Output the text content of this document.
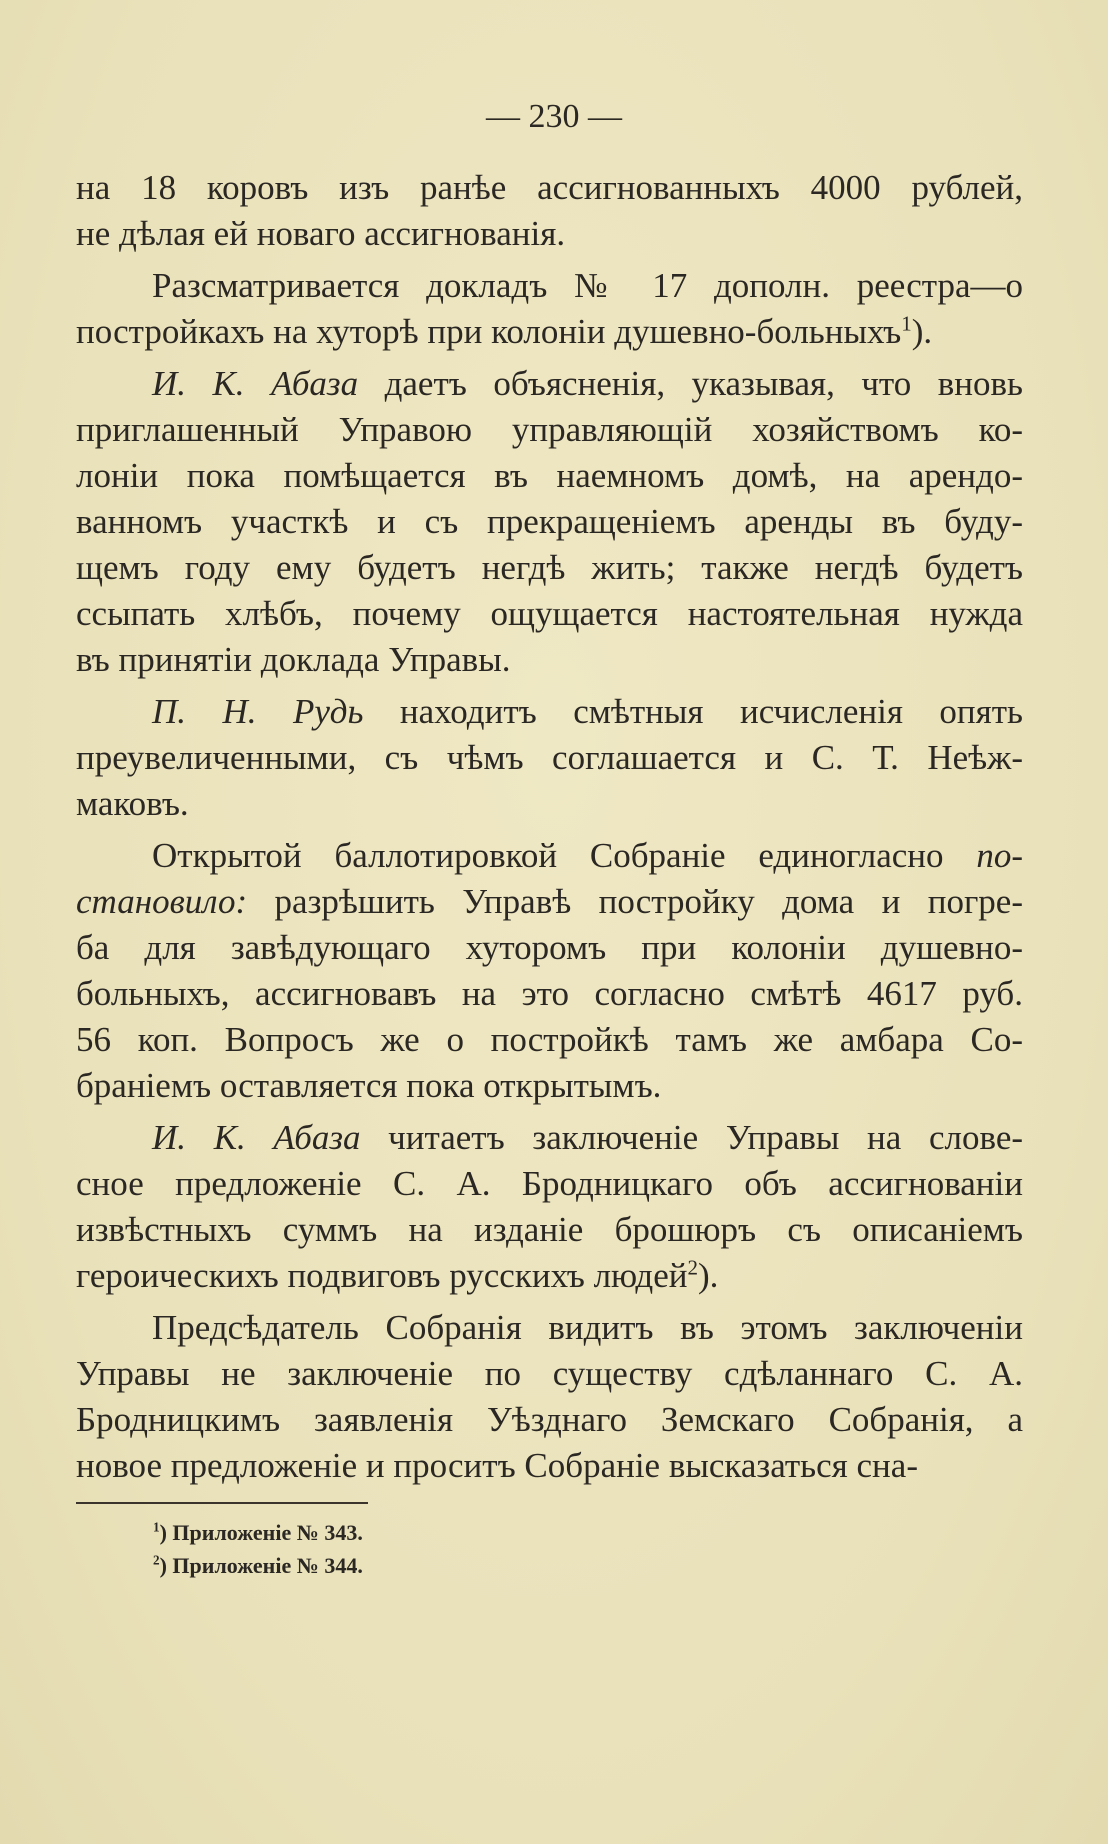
— 230 —
на 18 коровъ изъ ранѣе ассигнованныхъ 4000 рублей,
не дѣлая ей новаго ассигнованія.
Разсматривается докладъ № 17 дополн. реестра—о
постройкахъ на хуторѣ при колоніи душевно-больныхъ$^1$).
И. К. Абаза даетъ объясненія, указывая, что вновь
приглашенный Управою управляющій хозяйствомъ ко-
лоніи пока помѣщается въ наемномъ домѣ, на арендо-
ванномъ участкѣ и съ прекращеніемъ аренды въ буду-
щемъ году ему будетъ негдѣ жить; также негдѣ будетъ
ссыпать хлѣбъ, почему ощущается настоятельная нужда
въ принятіи доклада Управы.
П. Н. Рудь находитъ смѣтныя исчисленія опять
преувеличенными, съ чѣмъ соглашается и С. Т. Неѣж-
маковъ.
Открытой баллотировкой Собраніе единогласно по-
становило: разрѣшить Управѣ постройку дома и погре-
ба для завѣдующаго хуторомъ при колоніи душевно-
больныхъ, ассигновавъ на это согласно смѣтѣ 4617 руб.
56 коп. Вопросъ же о постройкѣ тамъ же амбара Со-
браніемъ оставляется пока открытымъ.
И. К. Абаза читаетъ заключеніе Управы на слове-
сное предложеніе С. А. Бродницкаго объ ассигнованіи
извѣстныхъ суммъ на изданіе брошюръ съ описаніемъ
героическихъ подвиговъ русскихъ людей$^2$).
Предсѣдатель Собранія видитъ въ этомъ заключеніи
Управы не заключеніе по существу сдѣланнаго С. А.
Бродницкимъ заявленія Уѣзднаго Земскаго Собранія, а
новое предложеніе и проситъ Собраніе высказаться сна-
$^1$) Приложеніе № 343.
$^2$) Приложеніе № 344.
